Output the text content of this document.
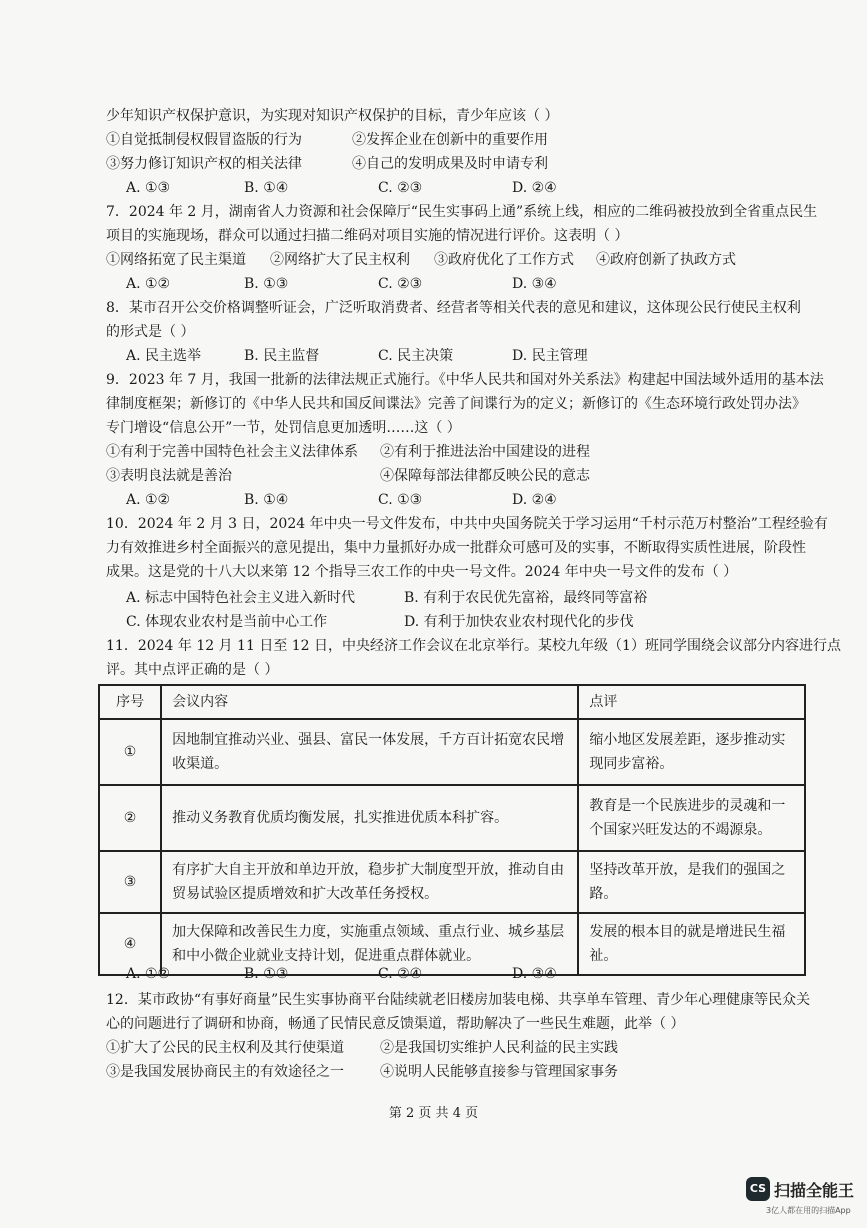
少年知识产权保护意识，为实现对知识产权保护的目标，青少年应该（ ）
①自觉抵制侵权假冒盗版的行为	②发挥企业在创新中的重要作用
③努力修订知识产权的相关法律	④自己的发明成果及时申请专利
A. ①③	B. ①④	C. ②③	D. ②④
7．2024 年 2 月，湖南省人力资源和社会保障厅“民生实事码上通”系统上线，相应的二维码被投放到全省重点民生
项目的实施现场，群众可以通过扫描二维码对项目实施的情况进行评价。这表明（ ）
①网络拓宽了民主渠道 ②网络扩大了民主权利 ③政府优化了工作方式 ④政府创新了执政方式
A. ①②	B. ①③	C. ②③	D. ③④
8．某市召开公交价格调整听证会，广泛听取消费者、经营者等相关代表的意见和建议，这体现公民行使民主权利
的形式是（ ）
A. 民主选举	B. 民主监督	C. 民主决策	D. 民主管理
9．2023 年 7 月，我国一批新的法律法规正式施行。《中华人民共和国对外关系法》构建起中国法域外适用的基本法
律制度框架；新修订的《中华人民共和国反间谍法》完善了间谍行为的定义；新修订的《生态环境行政处罚办法》
专门增设“信息公开”一节，处罚信息更加透明……这（ ）
①有利于完善中国特色社会主义法律体系 ②有利于推进法治中国建设的进程
③表明良法就是善治	④保障每部法律都反映公民的意志
A. ①②	B. ①④	C. ①③	D. ②④
10．2024 年 2 月 3 日，2024 年中央一号文件发布，中共中央国务院关于学习运用“千村示范万村整治”工程经验有
力有效推进乡村全面振兴的意见提出，集中力量抓好办成一批群众可感可及的实事，不断取得实质性进展，阶段性
成果。这是党的十八大以来第 12 个指导三农工作的中央一号文件。2024 年中央一号文件的发布（ ）
A. 标志中国特色社会主义进入新时代	B. 有利于农民优先富裕，最终同等富裕
C. 体现农业农村是当前中心工作	D. 有利于加快农业农村现代化的步伐
11．2024 年 12 月 11 日至 12 日，中央经济工作会议在北京举行。某校九年级（1）班同学围绕会议部分内容进行点
评。其中点评正确的是（ ）
序号	会议内容	点评
①	因地制宜推动兴业、强县、富民一体发展，千方百计拓宽农民增收渠道。	缩小地区发展差距，逐步推动实现同步富裕。
②	推动义务教育优质均衡发展，扎实推进优质本科扩容。	教育是一个民族进步的灵魂和一个国家兴旺发达的不竭源泉。
③	有序扩大自主开放和单边开放，稳步扩大制度型开放，推动自由贸易试验区提质增效和扩大改革任务授权。	坚持改革开放，是我们的强国之路。
④	加大保障和改善民生力度，实施重点领域、重点行业、城乡基层和中小微企业就业支持计划，促进重点群体就业。	发展的根本目的就是增进民生福祉。
A. ①②	B. ①③	C. ②④	D. ③④
12．某市政协“有事好商量”民生实事协商平台陆续就老旧楼房加装电梯、共享单车管理、青少年心理健康等民众关
心的问题进行了调研和协商，畅通了民情民意反馈渠道，帮助解决了一些民生难题，此举（ ）
①扩大了公民的民主权利及其行使渠道	②是我国切实维护人民利益的民主实践
③是我国发展协商民主的有效途径之一	④说明人民能够直接参与管理国家事务
第 2 页 共 4 页
CS 扫描全能王
3亿人都在用的扫描App
